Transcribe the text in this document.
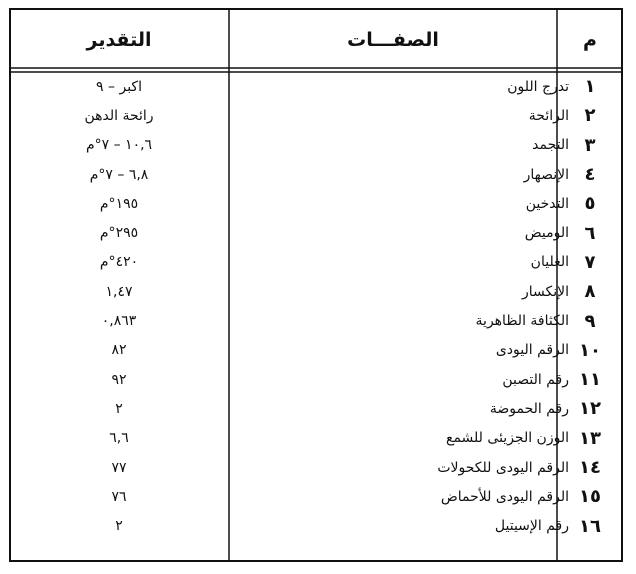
م
الصفـــات
التقدير
١
تدرج اللون
اكبر – ٩
٢
الرائحة
رائحة الدهن
٣
التجمد
١٠,٦ – ٧°م
٤
الإنصهار
٦,٨ – ٧°م
٥
التدخين
١٩٥°م
٦
الوميض
٢٩٥°م
٧
الغليان
٤٢٠°م
٨
الإنكسار
١,٤٧
٩
الكثافة الظاهرية
٠,٨٦٣
١٠
الرقم اليودى
٨٢
١١
رقم التصبن
٩٢
١٢
رقم الحموضة
٢
١٣
الوزن الجزيئى للشمع
٦,٦
١٤
الرقم اليودى للكحولات
٧٧
١٥
الرقم اليودى للأحماض
٧٦
١٦
رقم الإسيتيل
٢
